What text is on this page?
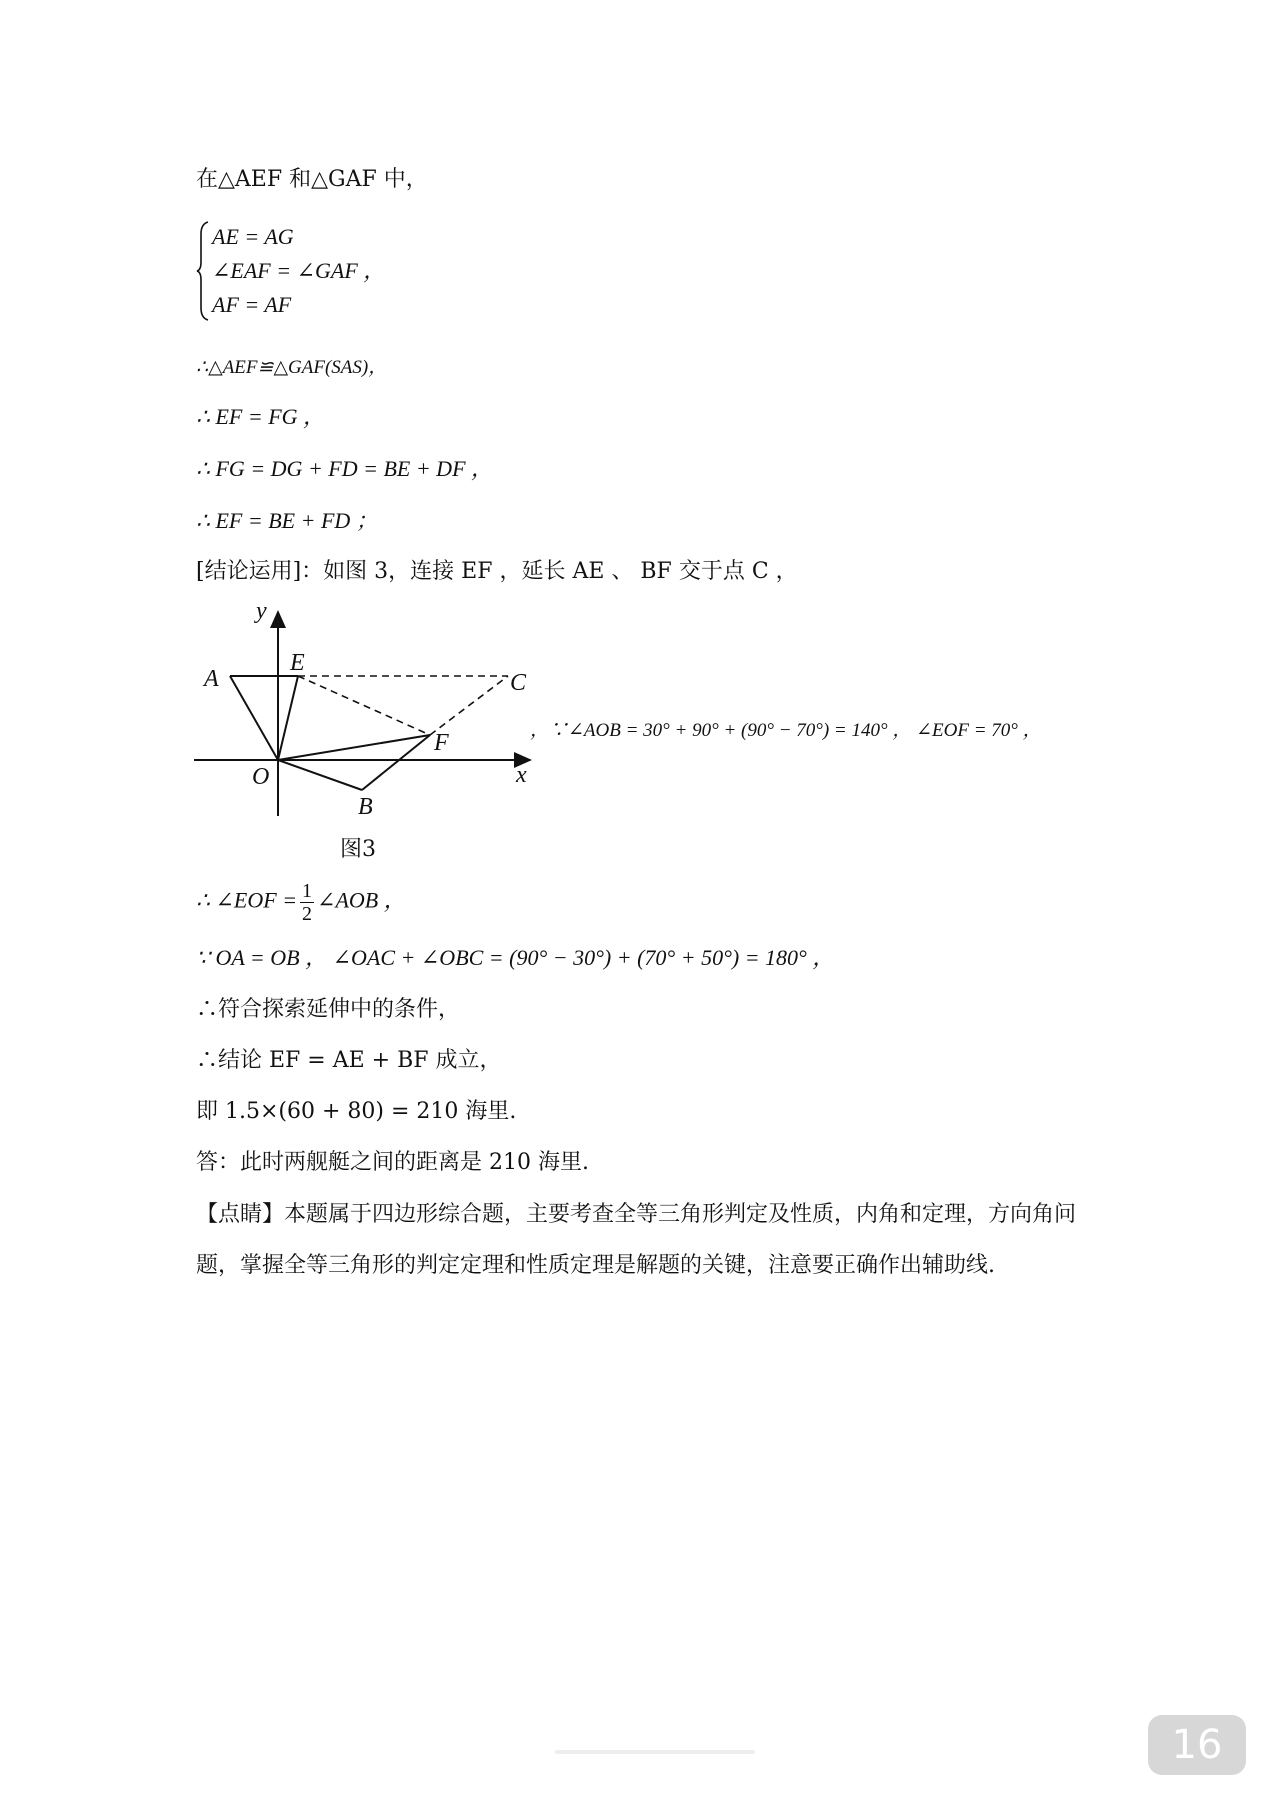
在△AEF 和△GAF 中，
AE = AG
∠EAF = ∠GAF ，
AF = AF
∴△AEF≌△GAF(SAS)，
∴ EF = FG ，
∴ FG = DG + FD = BE + DF ，
∴ EF = BE + FD ；
[结论运用]：如图 3，连接 EF ，延长 AE 、 BF 交于点 C ，
y
x
A
E
C
F
O
B
图3
，∵∠AOB = 30° + 90° + (90° − 70°) = 140° ， ∠EOF = 70° ，
∴ ∠EOF = $\frac{1}{2}$ ∠AOB ，
∵ OA = OB ， ∠OAC + ∠OBC = (90° − 30°) + (70° + 50°) = 180° ，
∴符合探索延伸中的条件，
∴结论 EF = AE + BF 成立，
即 1.5×(60 + 80) = 210 海里.
答：此时两舰艇之间的距离是 210 海里.
【点睛】本题属于四边形综合题，主要考查全等三角形判定及性质，内角和定理，方向角问
题，掌握全等三角形的判定定理和性质定理是解题的关键，注意要正确作出辅助线.
16
